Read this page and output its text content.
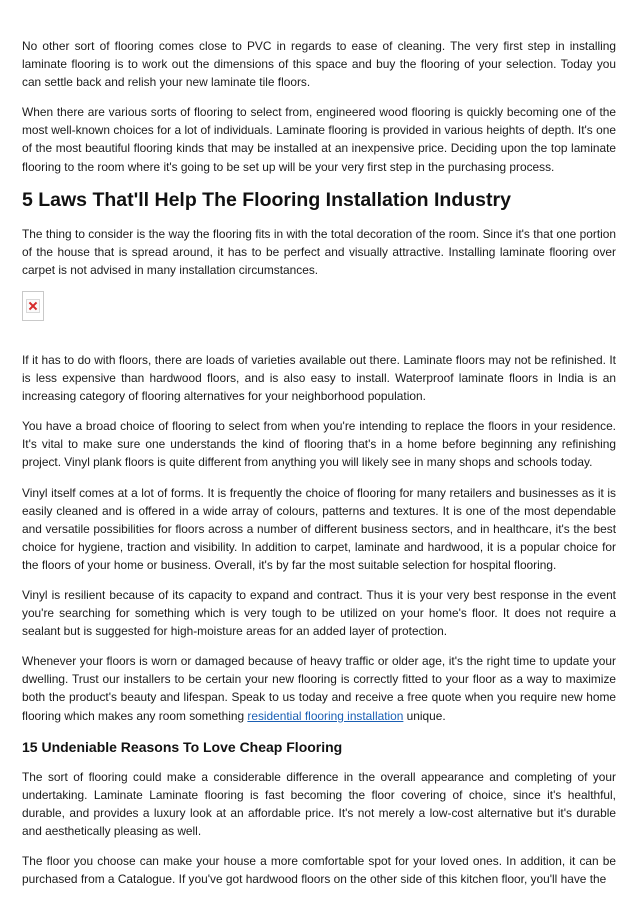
No other sort of flooring comes close to PVC in regards to ease of cleaning. The very first step in installing laminate flooring is to work out the dimensions of this space and buy the flooring of your selection. Today you can settle back and relish your new laminate tile floors.

When there are various sorts of flooring to select from, engineered wood flooring is quickly becoming one of the most well-known choices for a lot of individuals. Laminate flooring is provided in various heights of depth. It's one of the most beautiful flooring kinds that may be installed at an inexpensive price. Deciding upon the top laminate flooring to the room where it's going to be set up will be your very first step in the purchasing process.

5 Laws That'll Help The Flooring Installation Industry

The thing to consider is the way the flooring fits in with the total decoration of the room. Since it's that one portion of the house that is spread around, it has to be perfect and visually attractive. Installing laminate flooring over carpet is not advised in many installation circumstances.

If it has to do with floors, there are loads of varieties available out there. Laminate floors may not be refinished. It is less expensive than hardwood floors, and is also easy to install. Waterproof laminate floors in India is an increasing category of flooring alternatives for your neighborhood population.

You have a broad choice of flooring to select from when you're intending to replace the floors in your residence. It's vital to make sure one understands the kind of flooring that's in a home before beginning any refinishing project. Vinyl plank floors is quite different from anything you will likely see in many shops and schools today.

Vinyl itself comes at a lot of forms. It is frequently the choice of flooring for many retailers and businesses as it is easily cleaned and is offered in a wide array of colours, patterns and textures. It is one of the most dependable and versatile possibilities for floors across a number of different business sectors, and in healthcare, it's the best choice for hygiene, traction and visibility. In addition to carpet, laminate and hardwood, it is a popular choice for the floors of your home or business. Overall, it's by far the most suitable selection for hospital flooring.

Vinyl is resilient because of its capacity to expand and contract. Thus it is your very best response in the event you're searching for something which is very tough to be utilized on your home's floor. It does not require a sealant but is suggested for high-moisture areas for an added layer of protection.

Whenever your floors is worn or damaged because of heavy traffic or older age, it's the right time to update your dwelling. Trust our installers to be certain your new flooring is correctly fitted to your floor as a way to maximize both the product's beauty and lifespan. Speak to us today and receive a free quote when you require new home flooring which makes any room something residential flooring installation unique.

15 Undeniable Reasons To Love Cheap Flooring

The sort of flooring could make a considerable difference in the overall appearance and completing of your undertaking. Laminate Laminate flooring is fast becoming the floor covering of choice, since it's healthful, durable, and provides a luxury look at an affordable price. It's not merely a low-cost alternative but it's durable and aesthetically pleasing as well.

The floor you choose can make your house a more comfortable spot for your loved ones. In addition, it can be purchased from a Catalogue. If you've got hardwood floors on the other side of this kitchen floor, you'll have the
